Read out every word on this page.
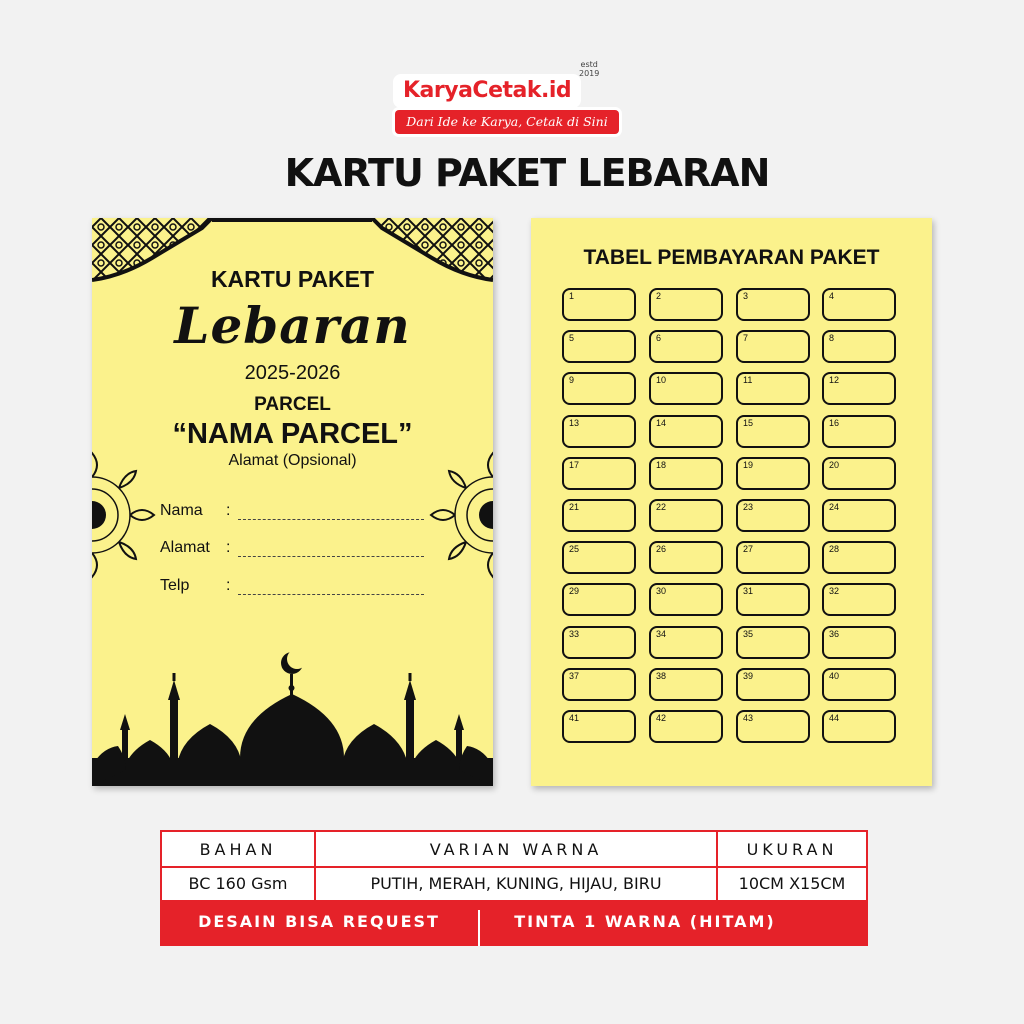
KaryaCetak.id
estd
2019
Dari Ide ke Karya, Cetak di Sini
KARTU PAKET LEBARAN
KARTU PAKET
Lebaran
2025-2026
PARCEL
“NAMA PARCEL”
Alamat (Opsional)
Nama :
Alamat :
Telp :
TABEL PEMBAYARAN PAKET
1	2	3	4
5	6	7	8
9	10	11	12
13	14	15	16
17	18	19	20
21	22	23	24
25	26	27	28
29	30	31	32
33	34	35	36
37	38	39	40
41	42	43	44
BAHAN	VARIAN WARNA	UKURAN
BC 160 Gsm	PUTIH, MERAH, KUNING, HIJAU, BIRU	10CM X15CM
DESAIN BISA REQUEST	TINTA 1 WARNA (HITAM)
